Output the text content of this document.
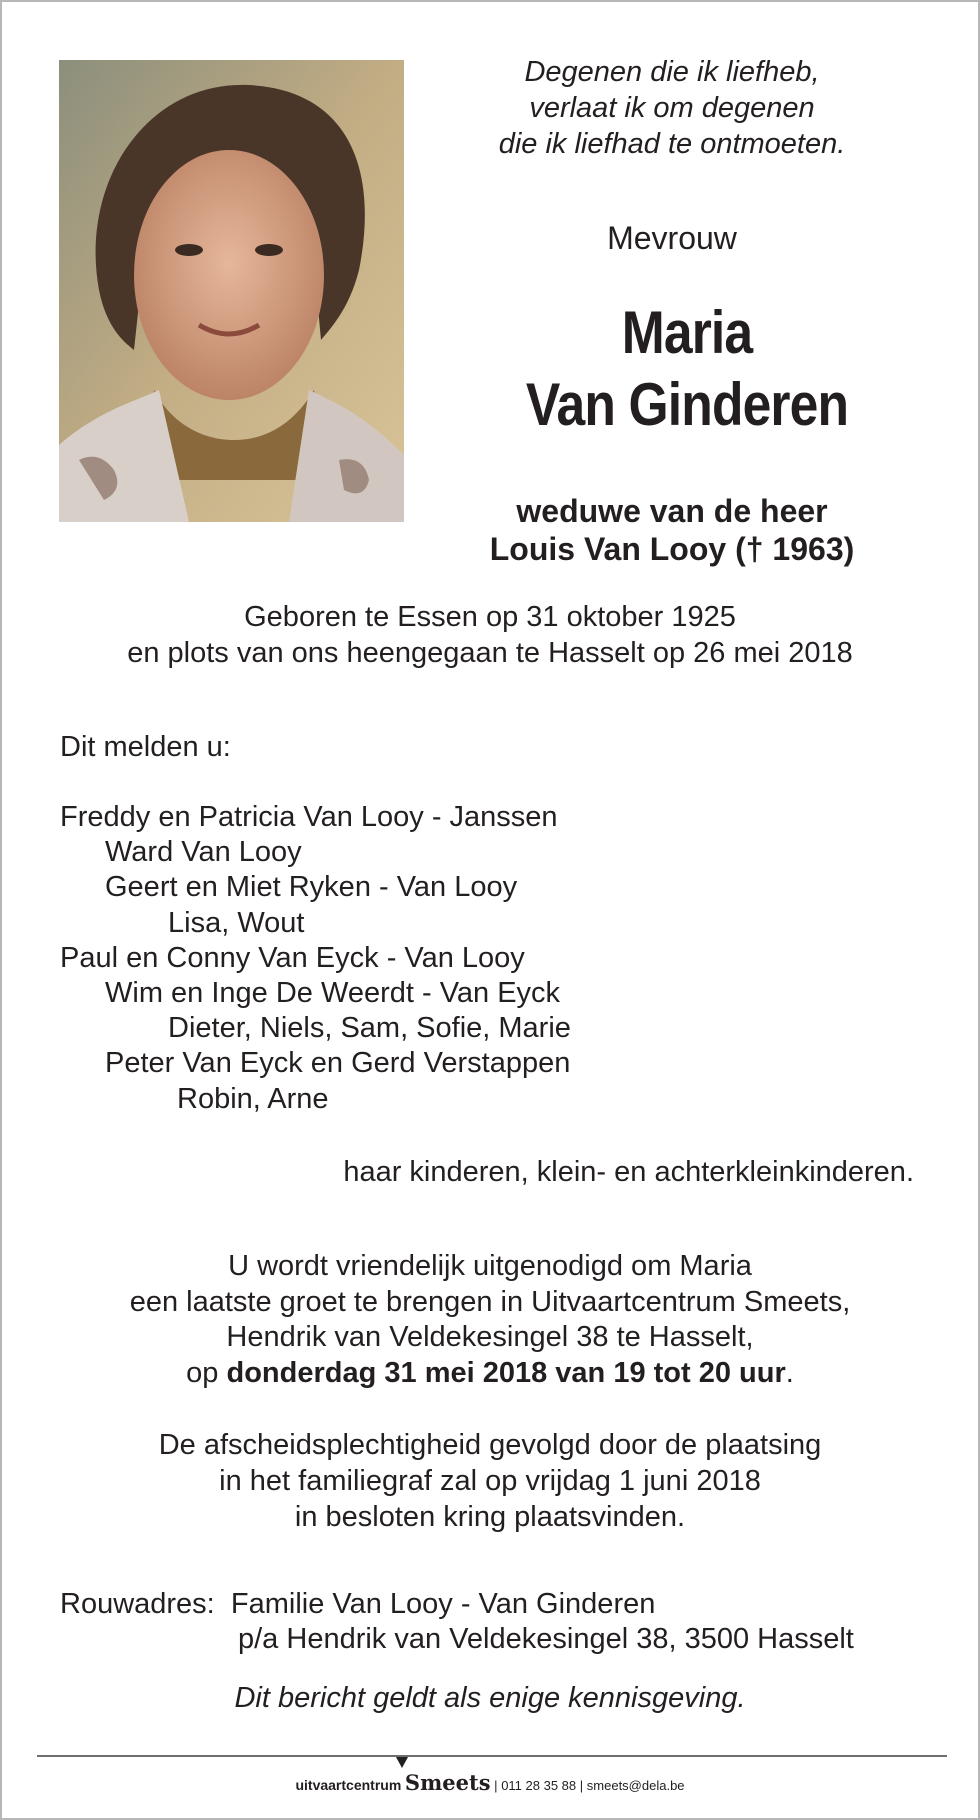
Degenen die ik liefheb,
verlaat ik om degenen
die ik liefhad te ontmoeten.
Mevrouw
Maria
Van Ginderen
weduwe van de heer
Louis Van Looy († 1963)
Geboren te Essen op 31 oktober 1925
en plots van ons heengegaan te Hasselt op 26 mei 2018
Dit melden u:
Freddy en Patricia Van Looy - Janssen
Ward Van Looy
Geert en Miet Ryken - Van Looy
Lisa, Wout
Paul en Conny Van Eyck - Van Looy
Wim en Inge De Weerdt - Van Eyck
Dieter, Niels, Sam, Sofie, Marie
Peter Van Eyck en Gerd Verstappen
Robin, Arne
haar kinderen, klein- en achterkleinkinderen.
U wordt vriendelijk uitgenodigd om Maria
een laatste groet te brengen in Uitvaartcentrum Smeets,
Hendrik van Veldekesingel 38 te Hasselt,
op donderdag 31 mei 2018 van 19 tot 20 uur.
De afscheidsplechtigheid gevolgd door de plaatsing
in het familiegraf zal op vrijdag 1 juni 2018
in besloten kring plaatsvinden.
Rouwadres: Familie Van Looy - Van Ginderen
p/a Hendrik van Veldekesingel 38, 3500 Hasselt
Dit bericht geldt als enige kennisgeving.
uitvaartcentrum Smeets | 011 28 35 88 | smeets@dela.be
